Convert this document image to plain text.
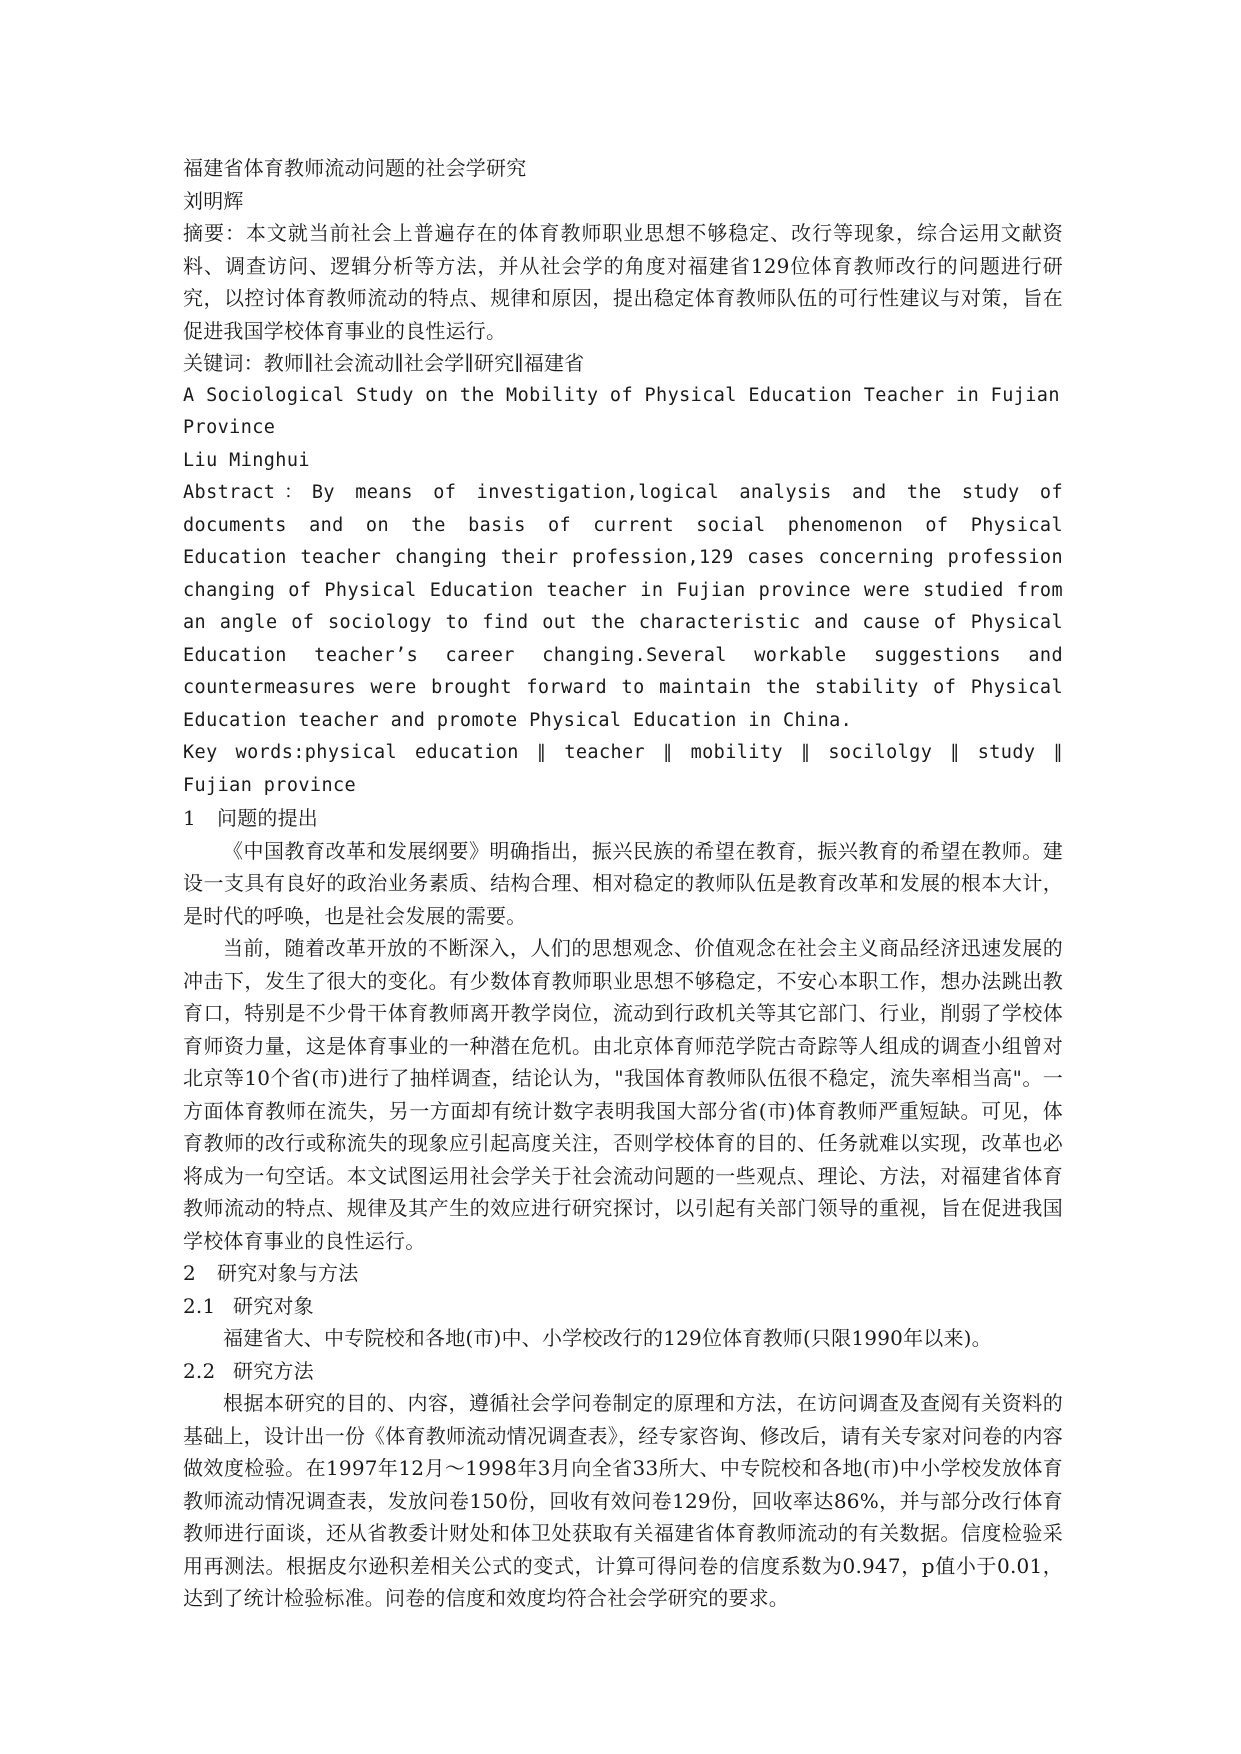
福建省体育教师流动问题的社会学研究

刘明辉

摘要：本文就当前社会上普遍存在的体育教师职业思想不够稳定、改行等现象，综合运用文献资料、调查访问、逻辑分析等方法，并从社会学的角度对福建省129位体育教师改行的问题进行研究，以控讨体育教师流动的特点、规律和原因，提出稳定体育教师队伍的可行性建议与对策，旨在促进我国学校体育事业的良性运行。

关键词：教师∥社会流动∥社会学∥研究∥福建省

A Sociological Study on the Mobility of Physical Education Teacher in Fujian Province

Liu Minghui

Abstract：By means of investigation,logical analysis and the study of documents and on the basis of current social phenomenon of Physical Education teacher changing their profession,129 cases concerning profession changing of Physical Education teacher in Fujian province were studied from an angle of sociology to find out the characteristic and cause of Physical Education teacher’s career changing.Several workable suggestions and countermeasures were brought forward to maintain the stability of Physical Education teacher and promote Physical Education in China.

Key words:physical education ∥ teacher ∥ mobility ∥ socilolgy ∥ study ∥ Fujian province

1 问题的提出

《中国教育改革和发展纲要》明确指出，振兴民族的希望在教育，振兴教育的希望在教师。建设一支具有良好的政治业务素质、结构合理、相对稳定的教师队伍是教育改革和发展的根本大计，是时代的呼唤，也是社会发展的需要。

当前，随着改革开放的不断深入，人们的思想观念、价值观念在社会主义商品经济迅速发展的冲击下，发生了很大的变化。有少数体育教师职业思想不够稳定，不安心本职工作，想办法跳出教育口，特别是不少骨干体育教师离开教学岗位，流动到行政机关等其它部门、行业，削弱了学校体育师资力量，这是体育事业的一种潜在危机。由北京体育师范学院古奇踪等人组成的调查小组曾对北京等10个省(市)进行了抽样调查，结论认为，"我国体育教师队伍很不稳定，流失率相当高"。一方面体育教师在流失，另一方面却有统计数字表明我国大部分省(市)体育教师严重短缺。可见，体育教师的改行或称流失的现象应引起高度关注，否则学校体育的目的、任务就难以实现，改革也必将成为一句空话。本文试图运用社会学关于社会流动问题的一些观点、理论、方法，对福建省体育教师流动的特点、规律及其产生的效应进行研究探讨，以引起有关部门领导的重视，旨在促进我国学校体育事业的良性运行。

2 研究对象与方法

2.1 研究对象

福建省大、中专院校和各地(市)中、小学校改行的129位体育教师(只限1990年以来)。

2.2 研究方法

根据本研究的目的、内容，遵循社会学问卷制定的原理和方法，在访问调查及查阅有关资料的基础上，设计出一份《体育教师流动情况调查表》，经专家咨询、修改后，请有关专家对问卷的内容做效度检验。在1997年12月～1998年3月向全省33所大、中专院校和各地(市)中小学校发放体育教师流动情况调查表，发放问卷150份，回收有效问卷129份，回收率达86%，并与部分改行体育教师进行面谈，还从省教委计财处和体卫处获取有关福建省体育教师流动的有关数据。信度检验采用再测法。根据皮尔逊积差相关公式的变式，计算可得问卷的信度系数为0.947，p值小于0.01，达到了统计检验标准。问卷的信度和效度均符合社会学研究的要求。
